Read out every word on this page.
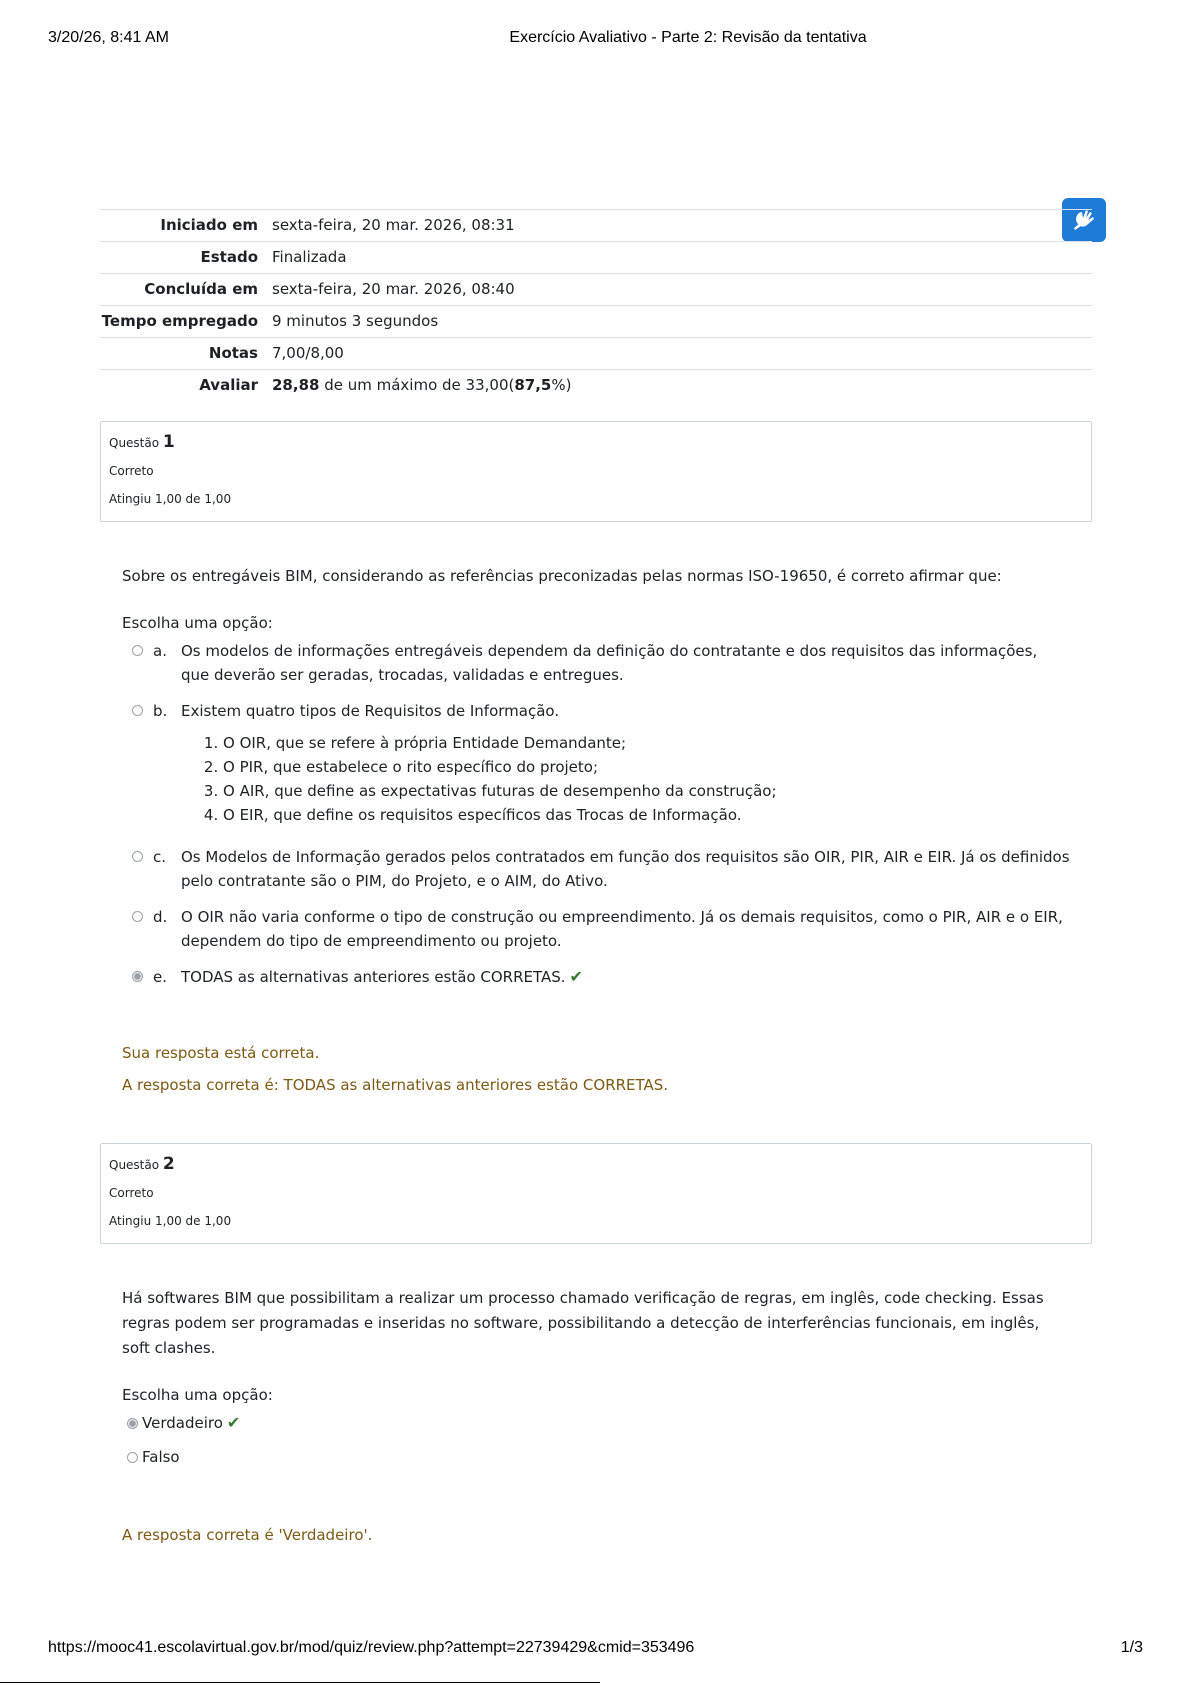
3/20/26, 8:41 AM	Exercício Avaliativo - Parte 2: Revisão da tentativa
Iniciado em	sexta-feira, 20 mar. 2026, 08:31
Estado	Finalizada
Concluída em	sexta-feira, 20 mar. 2026, 08:40
Tempo empregado	9 minutos 3 segundos
Notas	7,00/8,00
Avaliar	28,88 de um máximo de 33,00(87,5%)
Questão 1
Correto
Atingiu 1,00 de 1,00
Sobre os entregáveis BIM, considerando as referências preconizadas pelas normas ISO-19650, é correto afirmar que:
Escolha uma opção:
a. Os modelos de informações entregáveis dependem da definição do contratante e dos requisitos das informações, que deverão ser geradas, trocadas, validadas e entregues.
b. Existem quatro tipos de Requisitos de Informação.
1. O OIR, que se refere à própria Entidade Demandante;
2. O PIR, que estabelece o rito específico do projeto;
3. O AIR, que define as expectativas futuras de desempenho da construção;
4. O EIR, que define os requisitos específicos das Trocas de Informação.
c. Os Modelos de Informação gerados pelos contratados em função dos requisitos são OIR, PIR, AIR e EIR. Já os definidos pelo contratante são o PIM, do Projeto, e o AIM, do Ativo.
d. O OIR não varia conforme o tipo de construção ou empreendimento. Já os demais requisitos, como o PIR, AIR e o EIR, dependem do tipo de empreendimento ou projeto.
e. TODAS as alternativas anteriores estão CORRETAS. ✔
Sua resposta está correta.
A resposta correta é: TODAS as alternativas anteriores estão CORRETAS.
Questão 2
Correto
Atingiu 1,00 de 1,00
Há softwares BIM que possibilitam a realizar um processo chamado verificação de regras, em inglês, code checking. Essas regras podem ser programadas e inseridas no software, possibilitando a detecção de interferências funcionais, em inglês, soft clashes.
Escolha uma opção:
Verdadeiro ✔
Falso
A resposta correta é 'Verdadeiro'.
https://mooc41.escolavirtual.gov.br/mod/quiz/review.php?attempt=22739429&cmid=353496	1/3
